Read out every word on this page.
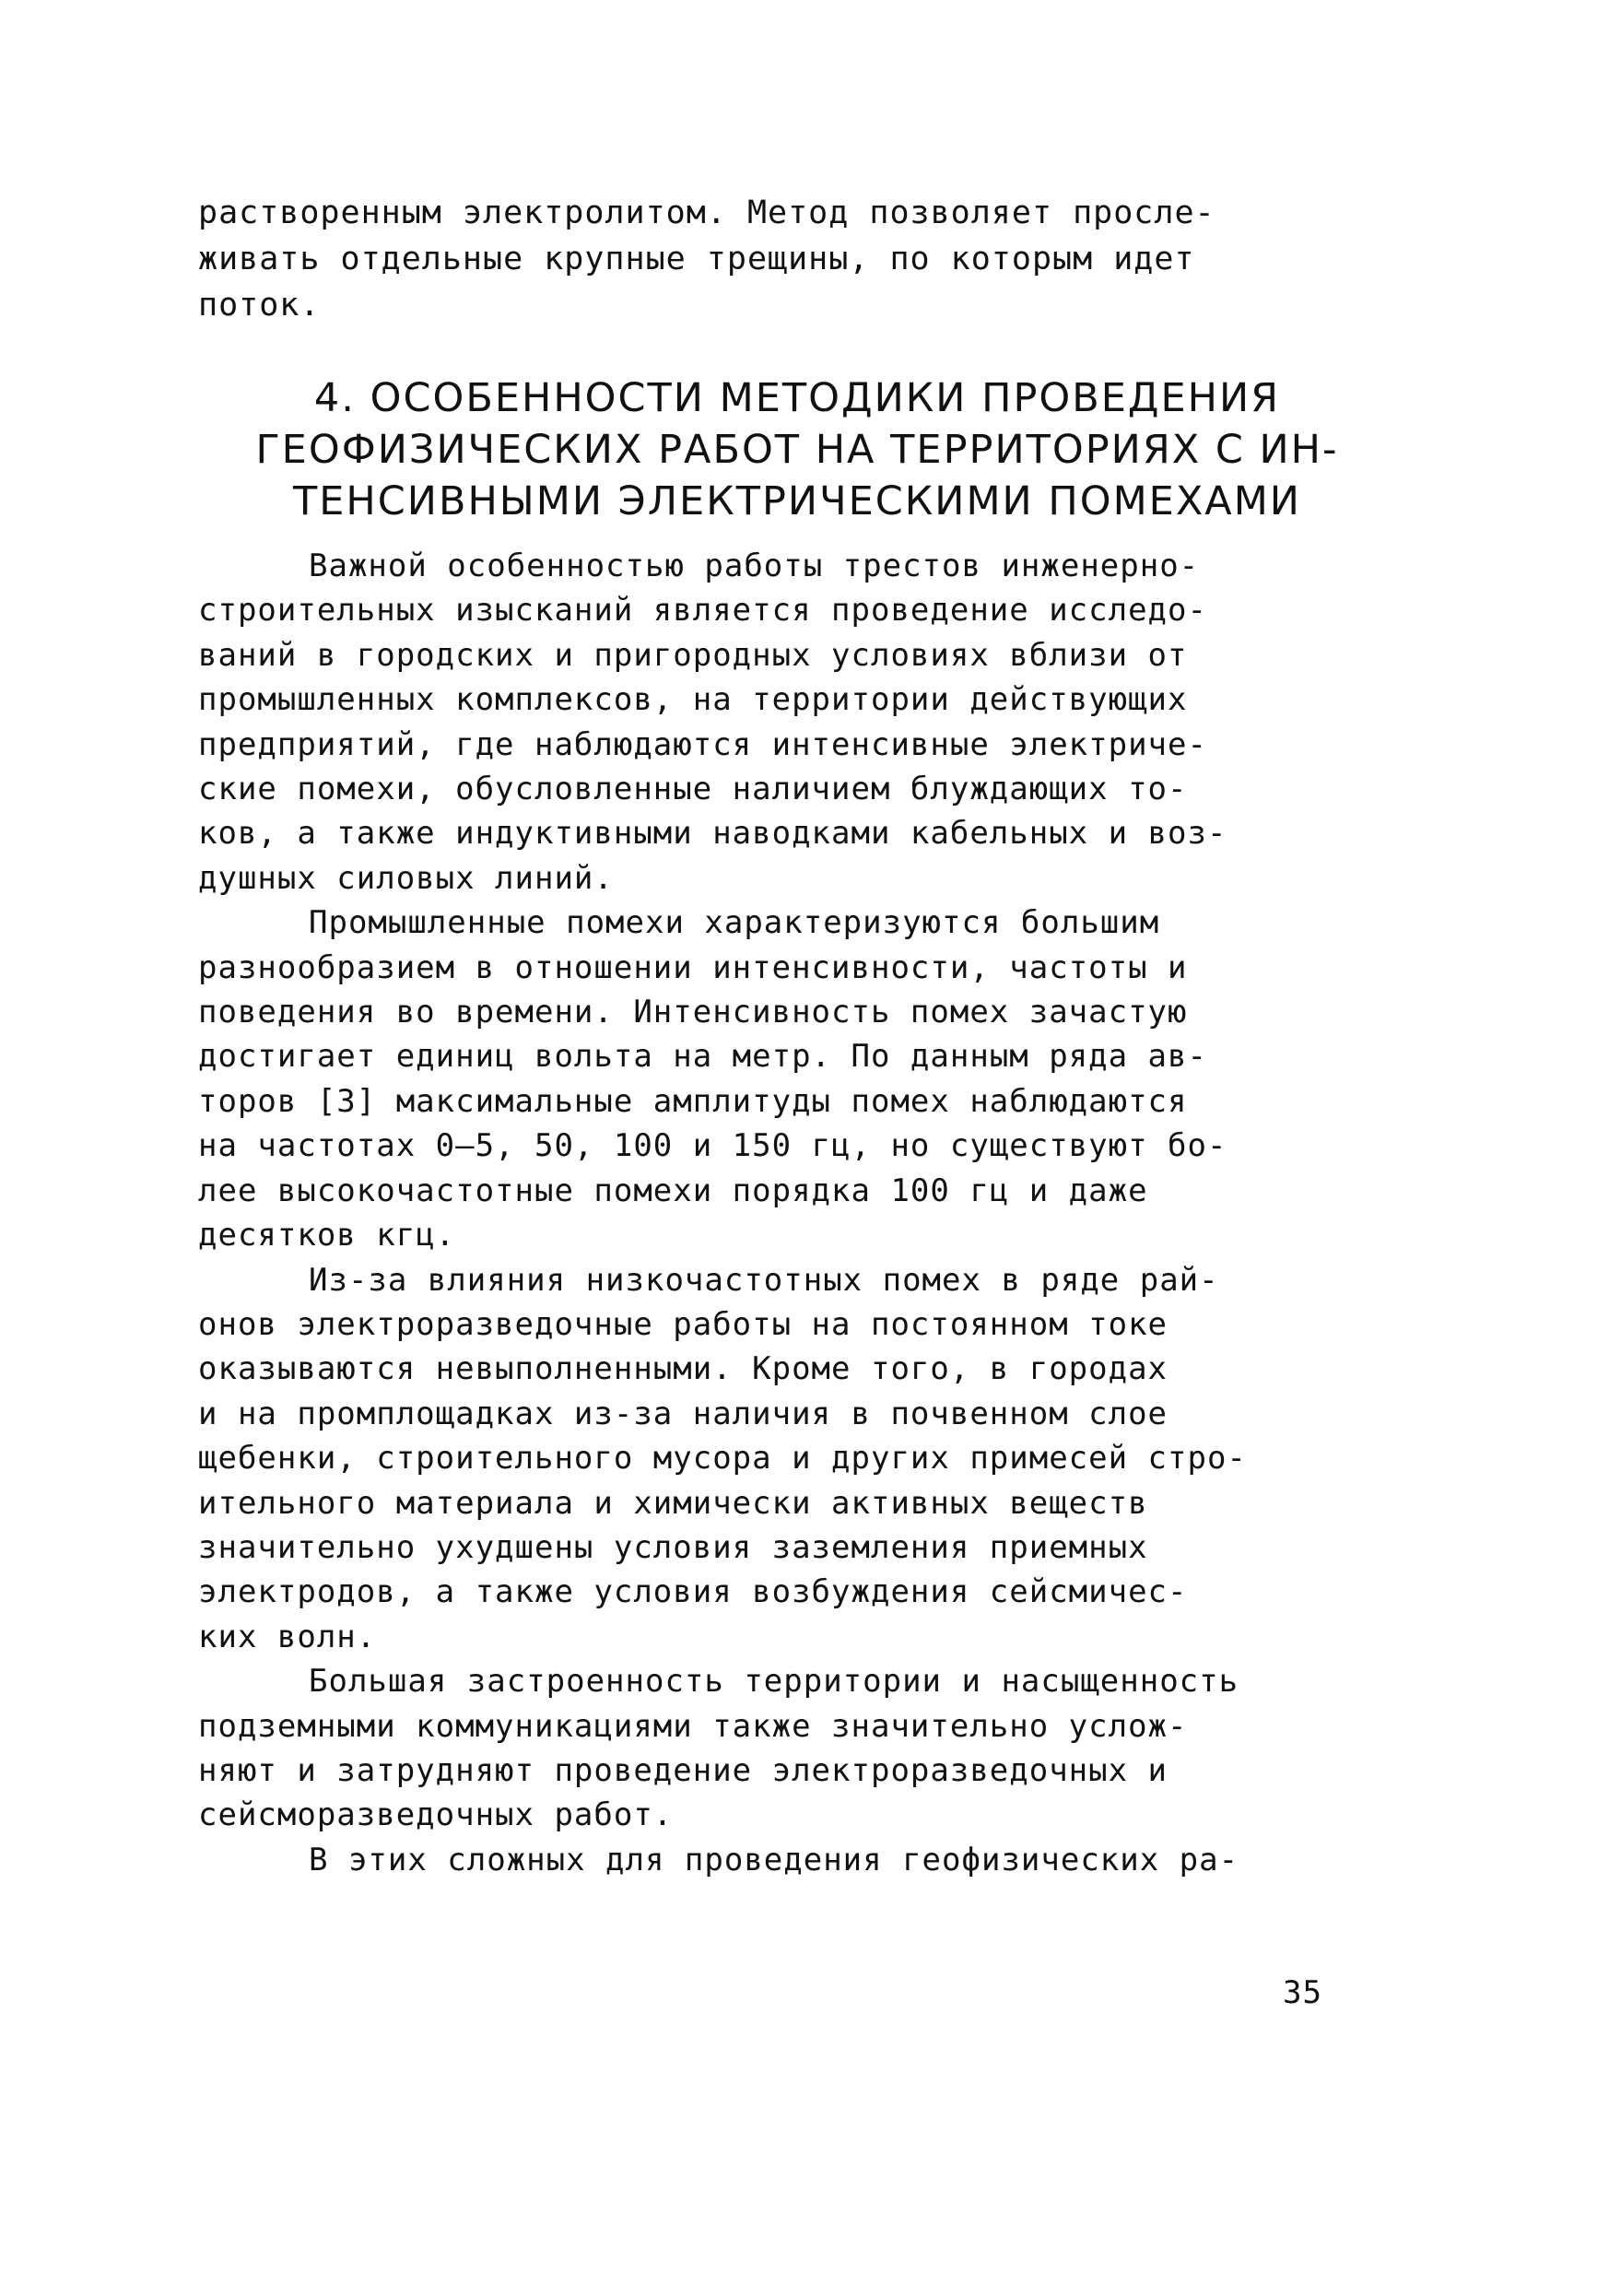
растворенным электролитом. Метод позволяет просле-
живать отдельные крупные трещины, по которым идет
поток.
4. ОСОБЕННОСТИ МЕТОДИКИ ПРОВЕДЕНИЯ
ГЕОФИЗИЧЕСКИХ РАБОТ НА ТЕРРИТОРИЯХ С ИН-
ТЕНСИВНЫМИ ЭЛЕКТРИЧЕСКИМИ ПОМЕХАМИ

Важной особенностью работы трестов инженерно-
строительных изысканий является проведение исследо-
ваний в городских и пригородных условиях вблизи от
промышленных комплексов, на территории действующих
предприятий, где наблюдаются интенсивные электриче-
ские помехи, обусловленные наличием блуждающих то-
ков, а также индуктивными наводками кабельных и воз-
душных силовых линий.

Промышленные помехи характеризуются большим
разнообразием в отношении интенсивности, частоты и
поведения во времени. Интенсивность помех зачастую
достигает единиц вольта на метр. По данным ряда ав-
торов [3] максимальные амплитуды помех наблюдаются
на частотах 0–5, 50, 100 и 150 гц, но существуют бо-
лее высокочастотные помехи порядка 100 гц и даже
десятков кгц.

Из-за влияния низкочастотных помех в ряде рай-
онов электроразведочные работы на постоянном токе
оказываются невыполненными. Кроме того, в городах
и на промплощадках из-за наличия в почвенном слое
щебенки, строительного мусора и других примесей стро-
ительного материала и химически активных веществ
значительно ухудшены условия заземления приемных
электродов, а также условия возбуждения сейсмичес-
ких волн.

Большая застроенность территории и насыщенность
подземными коммуникациями также значительно услож-
няют и затрудняют проведение электроразведочных и
сейсморазведочных работ.

В этих сложных для проведения геофизических ра-

35
